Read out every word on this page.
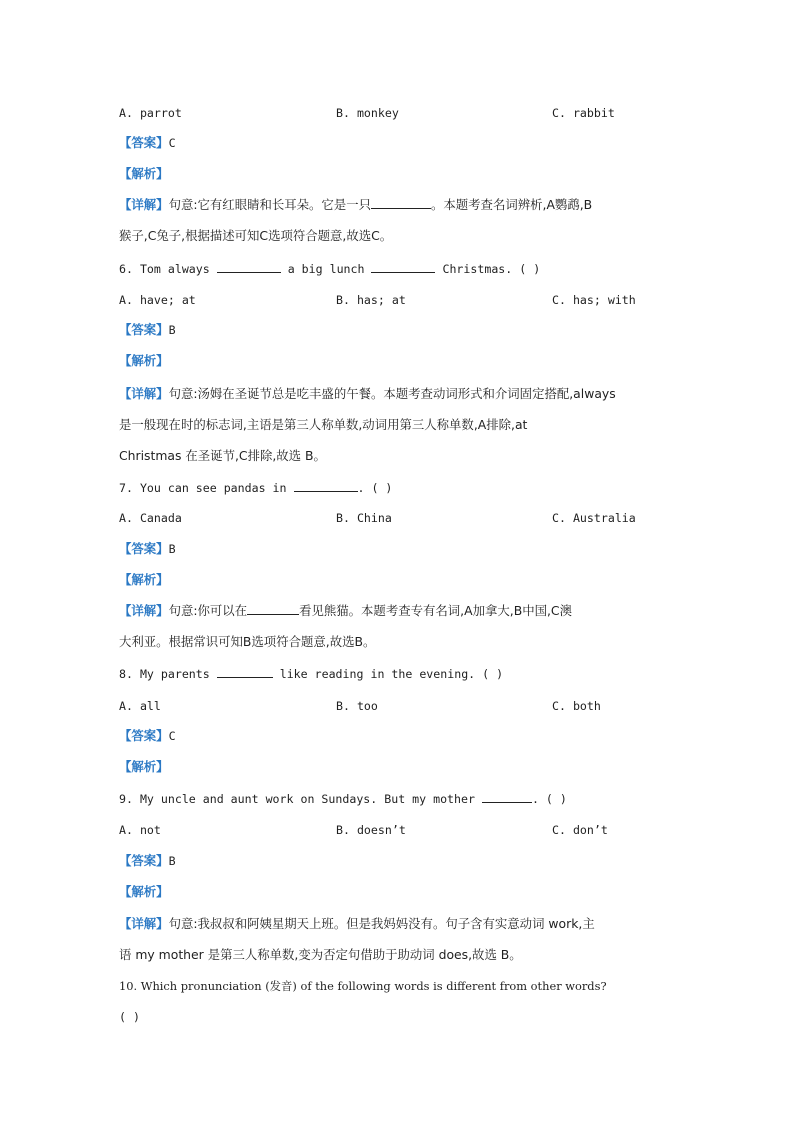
A. parrot	B. monkey	C. rabbit
【答案】C
【解析】
【详解】句意:它有红眼睛和长耳朵。它是一只	。本题考查名词辨析,A鹦鹉,B
猴子,C兔子,根据描述可知C选项符合题意,故选C。
6. Tom always	a big lunch	Christmas. ( )
A. have; at	B. has; at	C. has; with
【答案】B
【解析】
【详解】句意:汤姆在圣诞节总是吃丰盛的午餐。本题考查动词形式和介词固定搭配,always
是一般现在时的标志词,主语是第三人称单数,动词用第三人称单数,A排除,at
Christmas 在圣诞节,C排除,故选 B。
7. You can see pandas in	. ( )
A. Canada	B. China	C. Australia
【答案】B
【解析】
【详解】句意:你可以在	看见熊猫。本题考查专有名词,A加拿大,B中国,C澳
大利亚。根据常识可知B选项符合题意,故选B。
8. My parents	like reading in the evening. ( )
A. all	B. too	C. both
【答案】C
【解析】
9. My uncle and aunt work on Sundays. But my mother	. ( )
A. not	B. doesn’t	C. don’t
【答案】B
【解析】
【详解】句意:我叔叔和阿姨星期天上班。但是我妈妈没有。句子含有实意动词 work,主
语 my mother 是第三人称单数,变为否定句借助于助动词 does,故选 B。
10. Which pronunciation (发音) of the following words is different from other words?
( )
